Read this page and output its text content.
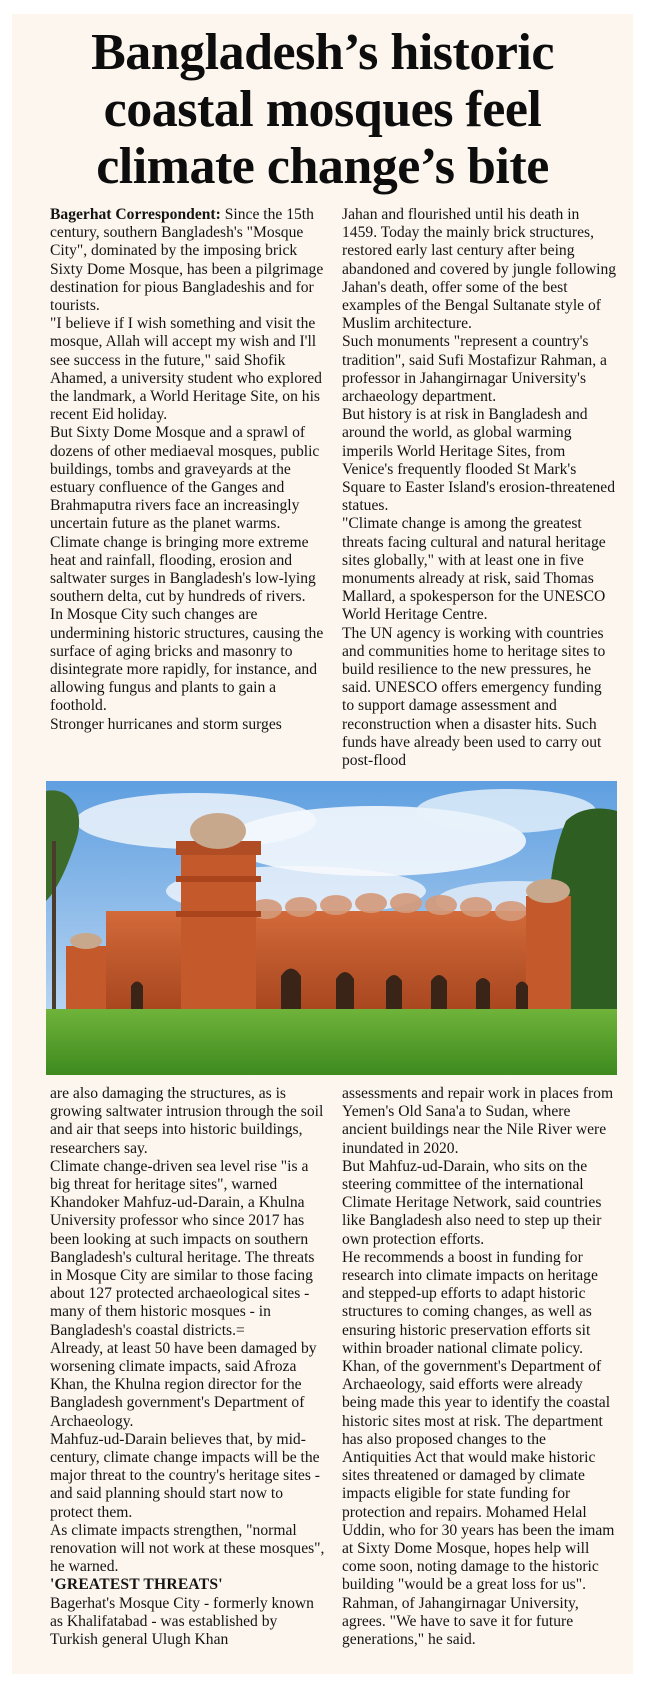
Bangladesh’s historic
coastal mosques feel
climate change’s bite

Bagerhat Correspondent: Since the 15th century, southern Bangladesh's "Mosque City", dominated by the imposing brick Sixty Dome Mosque, has been a pilgrimage destination for pious Bangladeshis and for tourists.

"I believe if I wish something and visit the mosque, Allah will accept my wish and I'll see success in the future," said Shofik Ahamed, a university student who explored the landmark, a World Heritage Site, on his recent Eid holiday.

But Sixty Dome Mosque and a sprawl of dozens of other mediaeval mosques, public buildings, tombs and graveyards at the estuary confluence of the Ganges and Brahmaputra rivers face an increasingly uncertain future as the planet warms.

Climate change is bringing more extreme heat and rainfall, flooding, erosion and saltwater surges in Bangladesh's low-lying southern delta, cut by hundreds of rivers.

In Mosque City such changes are undermining historic structures, causing the surface of aging bricks and masonry to disintegrate more rapidly, for instance, and allowing fungus and plants to gain a foothold.

Stronger hurricanes and storm surges

Jahan and flourished until his death in 1459. Today the mainly brick structures, restored early last century after being abandoned and covered by jungle following Jahan's death, offer some of the best examples of the Bengal Sultanate style of Muslim architecture.

Such monuments "represent a country's tradition", said Sufi Mostafizur Rahman, a professor in Jahangirnagar University's archaeology department.

But history is at risk in Bangladesh and around the world, as global warming imperils World Heritage Sites, from Venice's frequently flooded St Mark's Square to Easter Island's erosion-threatened statues.

"Climate change is among the greatest threats facing cultural and natural heritage sites globally," with at least one in five monuments already at risk, said Thomas Mallard, a spokesperson for the UNESCO World Heritage Centre.

The UN agency is working with countries and communities home to heritage sites to build resilience to the new pressures, he said. UNESCO offers emergency funding to support damage assessment and reconstruction when a disaster hits. Such funds have already been used to carry out post-flood

are also damaging the structures, as is growing saltwater intrusion through the soil and air that seeps into historic buildings, researchers say.

Climate change-driven sea level rise "is a big threat for heritage sites", warned Khandoker Mahfuz-ud-Darain, a Khulna University professor who since 2017 has been looking at such impacts on southern Bangladesh's cultural heritage. The threats in Mosque City are similar to those facing about 127 protected archaeological sites - many of them historic mosques - in Bangladesh's coastal districts.=

Already, at least 50 have been damaged by worsening climate impacts, said Afroza Khan, the Khulna region director for the Bangladesh government's Department of Archaeology.

Mahfuz-ud-Darain believes that, by mid-century, climate change impacts will be the major threat to the country's heritage sites - and said planning should start now to protect them.

As climate impacts strengthen, "normal renovation will not work at these mosques", he warned.

'GREATEST THREATS'

Bagerhat's Mosque City - formerly known as Khalifatabad - was established by Turkish general Ulugh Khan

assessments and repair work in places from Yemen's Old Sana'a to Sudan, where ancient buildings near the Nile River were inundated in 2020.

But Mahfuz-ud-Darain, who sits on the steering committee of the international Climate Heritage Network, said countries like Bangladesh also need to step up their own protection efforts.

He recommends a boost in funding for research into climate impacts on heritage and stepped-up efforts to adapt historic structures to coming changes, as well as ensuring historic preservation efforts sit within broader national climate policy. Khan, of the government's Department of Archaeology, said efforts were already being made this year to identify the coastal historic sites most at risk. The department has also proposed changes to the Antiquities Act that would make historic sites threatened or damaged by climate impacts eligible for state funding for protection and repairs. Mohamed Helal Uddin, who for 30 years has been the imam at Sixty Dome Mosque, hopes help will come soon, noting damage to the historic building "would be a great loss for us". Rahman, of Jahangirnagar University, agrees. "We have to save it for future generations," he said.
